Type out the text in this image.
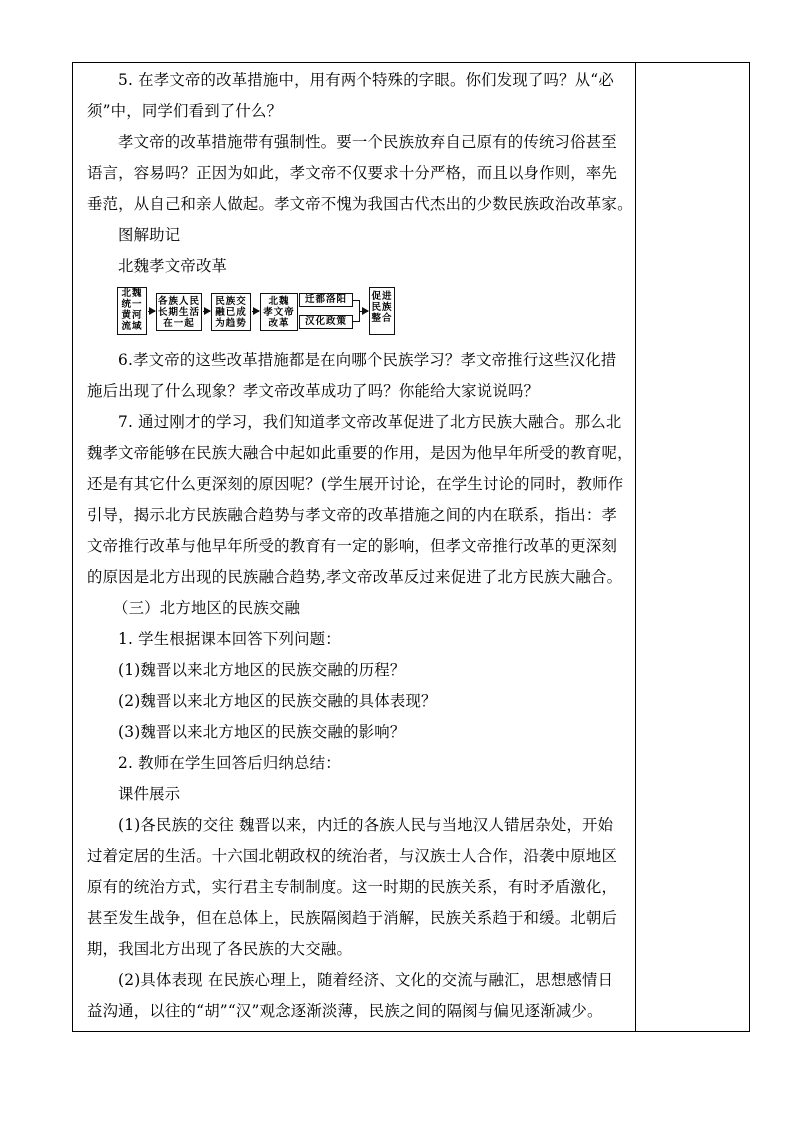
5. 在孝文帝的改革措施中，用有两个特殊的字眼。你们发现了吗？从“必
须”中，同学们看到了什么？
孝文帝的改革措施带有强制性。要一个民族放弃自己原有的传统习俗甚至
语言，容易吗？正因为如此，孝文帝不仅要求十分严格，而且以身作则，率先
垂范，从自己和亲人做起。孝文帝不愧为我国古代杰出的少数民族政治改革家。
图解助记
北魏孝文帝改革
北魏
统一
黄河
流域
各族人民
长期生活
在一起
民族交
融已成
为趋势
北魏
孝文帝
改革
迁都洛阳
汉化政策
促进
民族
整合
6.孝文帝的这些改革措施都是在向哪个民族学习？孝文帝推行这些汉化措
施后出现了什么现象？孝文帝改革成功了吗？你能给大家说说吗？
7. 通过刚才的学习，我们知道孝文帝改革促进了北方民族大融合。那么北
魏孝文帝能够在民族大融合中起如此重要的作用，是因为他早年所受的教育呢，
还是有其它什么更深刻的原因呢？(学生展开讨论，在学生讨论的同时，教师作
引导，揭示北方民族融合趋势与孝文帝的改革措施之间的内在联系，指出：孝
文帝推行改革与他早年所受的教育有一定的影响，但孝文帝推行改革的更深刻
的原因是北方出现的民族融合趋势,孝文帝改革反过来促进了北方民族大融合。
（三）北方地区的民族交融
1. 学生根据课本回答下列问题：
(1)魏晋以来北方地区的民族交融的历程？
(2)魏晋以来北方地区的民族交融的具体表现？
(3)魏晋以来北方地区的民族交融的影响？
2. 教师在学生回答后归纳总结：
课件展示
(1)各民族的交往 魏晋以来，内迁的各族人民与当地汉人错居杂处，开始
过着定居的生活。十六国北朝政权的统治者，与汉族士人合作，沿袭中原地区
原有的统治方式，实行君主专制制度。这一时期的民族关系，有时矛盾激化，
甚至发生战争，但在总体上，民族隔阂趋于消解，民族关系趋于和缓。北朝后
期，我国北方出现了各民族的大交融。
(2)具体表现 在民族心理上，随着经济、文化的交流与融汇，思想感情日
益沟通，以往的“胡”“汉”观念逐渐淡薄，民族之间的隔阂与偏见逐渐减少。
